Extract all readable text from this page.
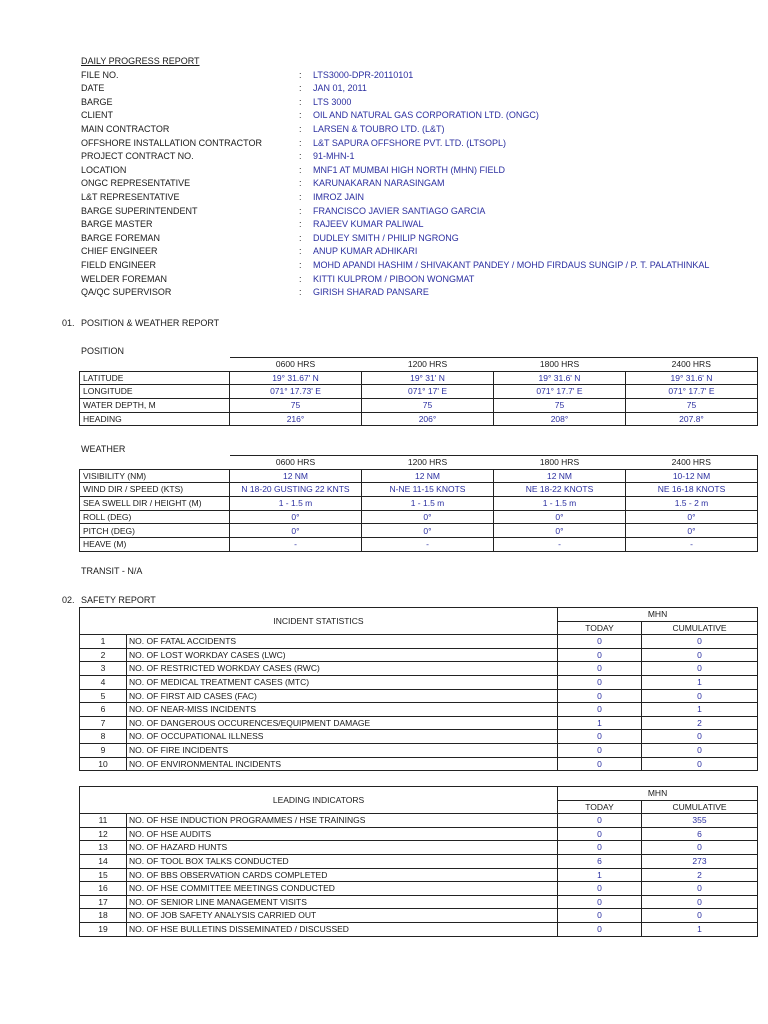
DAILY PROGRESS REPORT
FILE NO.	: LTS3000-DPR-20110101
DATE	: JAN 01, 2011
BARGE	: LTS 3000
CLIENT	: OIL AND NATURAL GAS CORPORATION LTD. (ONGC)
MAIN CONTRACTOR	: LARSEN & TOUBRO LTD. (L&T)
OFFSHORE INSTALLATION CONTRACTOR	: L&T SAPURA OFFSHORE PVT. LTD. (LTSOPL)
PROJECT CONTRACT NO.	: 91-MHN-1
LOCATION	: MNF1 AT MUMBAI HIGH NORTH (MHN) FIELD
ONGC REPRESENTATIVE	: KARUNAKARAN NARASINGAM
L&T REPRESENTATIVE	: IMROZ JAIN
BARGE SUPERINTENDENT	: FRANCISCO JAVIER SANTIAGO GARCIA
BARGE MASTER	: RAJEEV KUMAR PALIWAL
BARGE FOREMAN	: DUDLEY SMITH / PHILIP NGRONG
CHIEF ENGINEER	: ANUP KUMAR ADHIKARI
FIELD ENGINEER	: MOHD APANDI HASHIM / SHIVAKANT PANDEY / MOHD FIRDAUS SUNGIP / P. T. PALATHINKAL
WELDER FOREMAN	: KITTI KULPROM / PIBOON WONGMAT
QA/QC SUPERVISOR	: GIRISH SHARAD PANSARE
01. POSITION & WEATHER REPORT
POSITION
	0600 HRS	1200 HRS	1800 HRS	2400 HRS
LATITUDE	19° 31.67' N	19° 31' N	19° 31.6' N	19° 31.6' N
LONGITUDE	071° 17.73' E	071° 17' E	071° 17.7' E	071° 17.7' E
WATER DEPTH, M	75	75	75	75
HEADING	216°	206°	208°	207.8°
WEATHER
	0600 HRS	1200 HRS	1800 HRS	2400 HRS
VISIBILITY (NM)	12 NM	12 NM	12 NM	10-12 NM
WIND DIR / SPEED (KTS)	N 18-20 GUSTING 22 KNTS	N-NE 11-15 KNOTS	NE 18-22 KNOTS	NE 16-18 KNOTS
SEA SWELL DIR / HEIGHT (M)	1 - 1.5 m	1 - 1.5 m	1 - 1.5 m	1.5 - 2 m
ROLL (DEG)	0°	0°	0°	0°
PITCH (DEG)	0°	0°	0°	0°
HEAVE (M)	-	-	-	-
TRANSIT - N/A
02. SAFETY REPORT
INCIDENT STATISTICS		MHN	
		TODAY	CUMULATIVE
1	NO. OF FATAL ACCIDENTS	0	0
2	NO. OF LOST WORKDAY CASES (LWC)	0	0
3	NO. OF RESTRICTED WORKDAY CASES (RWC)	0	0
4	NO. OF MEDICAL TREATMENT CASES (MTC)	0	1
5	NO. OF FIRST AID CASES (FAC)	0	0
6	NO. OF NEAR-MISS INCIDENTS	0	1
7	NO. OF DANGEROUS OCCURENCES/EQUIPMENT DAMAGE	1	2
8	NO. OF OCCUPATIONAL ILLNESS	0	0
9	NO. OF FIRE INCIDENTS	0	0
10	NO. OF ENVIRONMENTAL INCIDENTS	0	0
LEADING INDICATORS		MHN	
		TODAY	CUMULATIVE
11	NO. OF HSE INDUCTION PROGRAMMES / HSE TRAININGS	0	355
12	NO. OF HSE AUDITS	0	6
13	NO. OF HAZARD HUNTS	0	0
14	NO. OF TOOL BOX TALKS CONDUCTED	6	273
15	NO. OF BBS OBSERVATION CARDS COMPLETED	1	2
16	NO. OF HSE COMMITTEE MEETINGS CONDUCTED	0	0
17	NO. OF SENIOR LINE MANAGEMENT VISITS	0	0
18	NO. OF JOB SAFETY ANALYSIS CARRIED OUT	0	0
19	NO. OF HSE BULLETINS DISSEMINATED / DISCUSSED	0	1
